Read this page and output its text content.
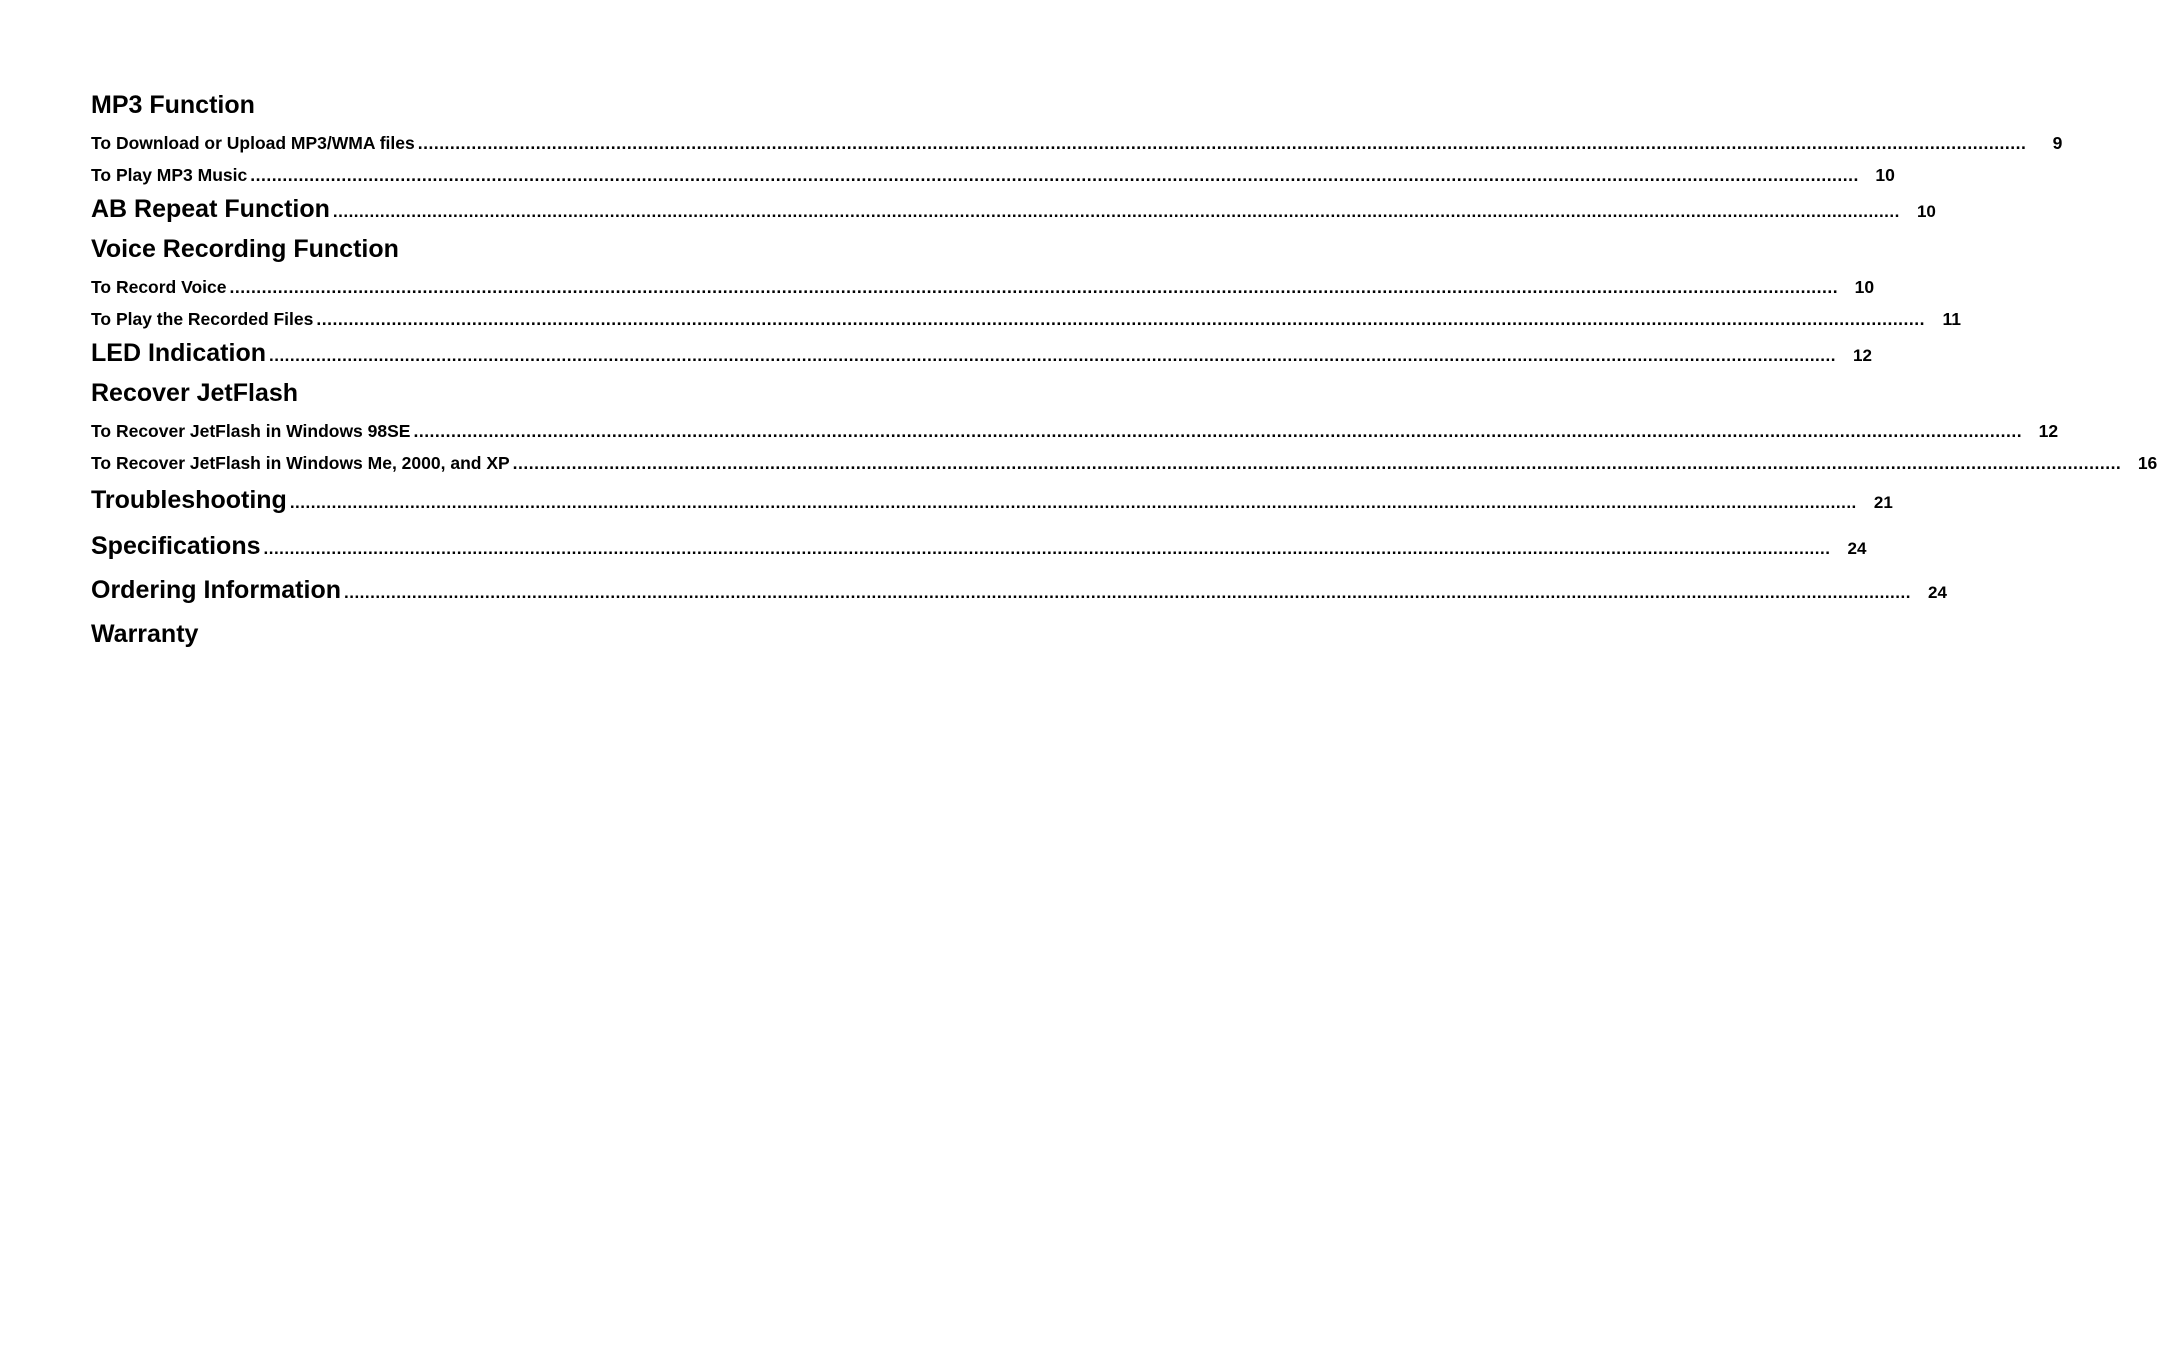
MP3 Function
To Download or Upload MP3/WMA files ............................................................................................................................................................................................................................................................................................................	9
To Play MP3 Music ............................................................................................................................................................................................................................................................................................................ 10
AB Repeat Function ............................................................................................................................................................................................................................................................................................................	10
Voice Recording Function
To Record Voice ............................................................................................................................................................................................................................................................................................................ 10
To Play the Recorded Files ............................................................................................................................................................................................................................................................................................................	11
LED Indication ............................................................................................................................................................................................................................................................................................................	12
Recover JetFlash
To Recover JetFlash in Windows 98SE ............................................................................................................................................................................................................................................................................................................ 12
To Recover JetFlash in Windows Me, 2000, and XP ............................................................................................................................................................................................................................................................................................................ 16
Troubleshooting ............................................................................................................................................................................................................................................................................................................	21
Specifications ............................................................................................................................................................................................................................................................................................................	24
Ordering Information ............................................................................................................................................................................................................................................................................................................	24
Warranty
